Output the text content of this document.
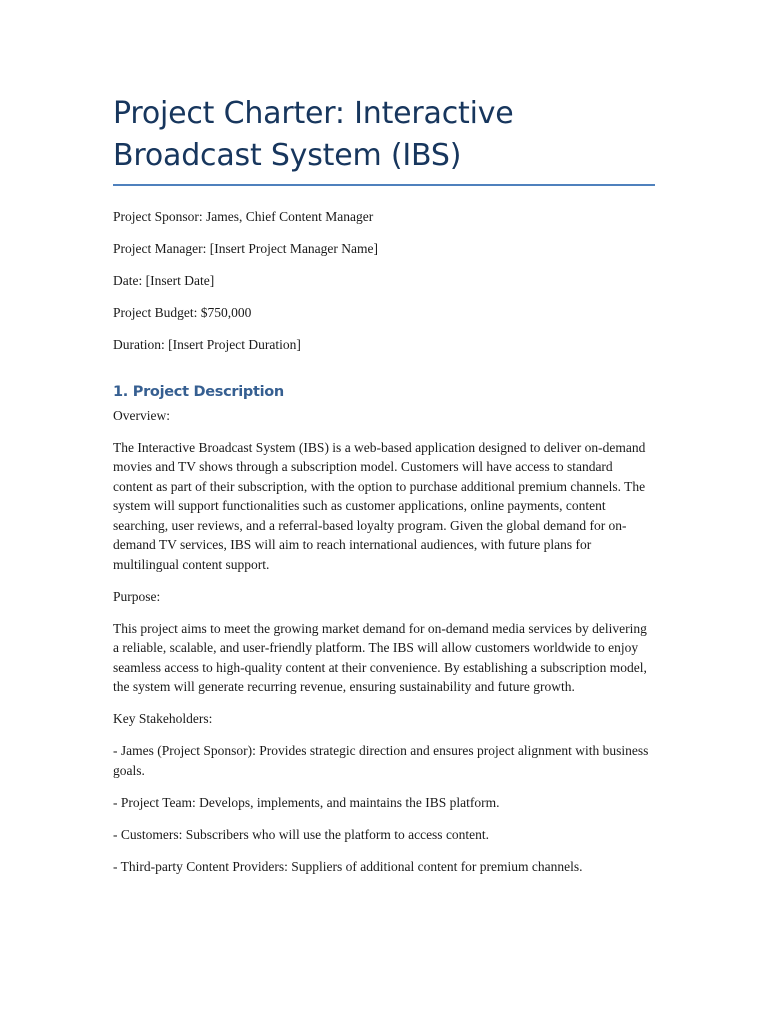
Project Charter: Interactive Broadcast System (IBS)

Project Sponsor: James, Chief Content Manager

Project Manager: [Insert Project Manager Name]

Date: [Insert Date]

Project Budget: $750,000

Duration: [Insert Project Duration]

1. Project Description

Overview:

The Interactive Broadcast System (IBS) is a web-based application designed to deliver on-demand movies and TV shows through a subscription model. Customers will have access to standard content as part of their subscription, with the option to purchase additional premium channels. The system will support functionalities such as customer applications, online payments, content searching, user reviews, and a referral-based loyalty program. Given the global demand for on-demand TV services, IBS will aim to reach international audiences, with future plans for multilingual content support.

Purpose:

This project aims to meet the growing market demand for on-demand media services by delivering a reliable, scalable, and user-friendly platform. The IBS will allow customers worldwide to enjoy seamless access to high-quality content at their convenience. By establishing a subscription model, the system will generate recurring revenue, ensuring sustainability and future growth.

Key Stakeholders:

- James (Project Sponsor): Provides strategic direction and ensures project alignment with business goals.

- Project Team: Develops, implements, and maintains the IBS platform.

- Customers: Subscribers who will use the platform to access content.

- Third-party Content Providers: Suppliers of additional content for premium channels.
